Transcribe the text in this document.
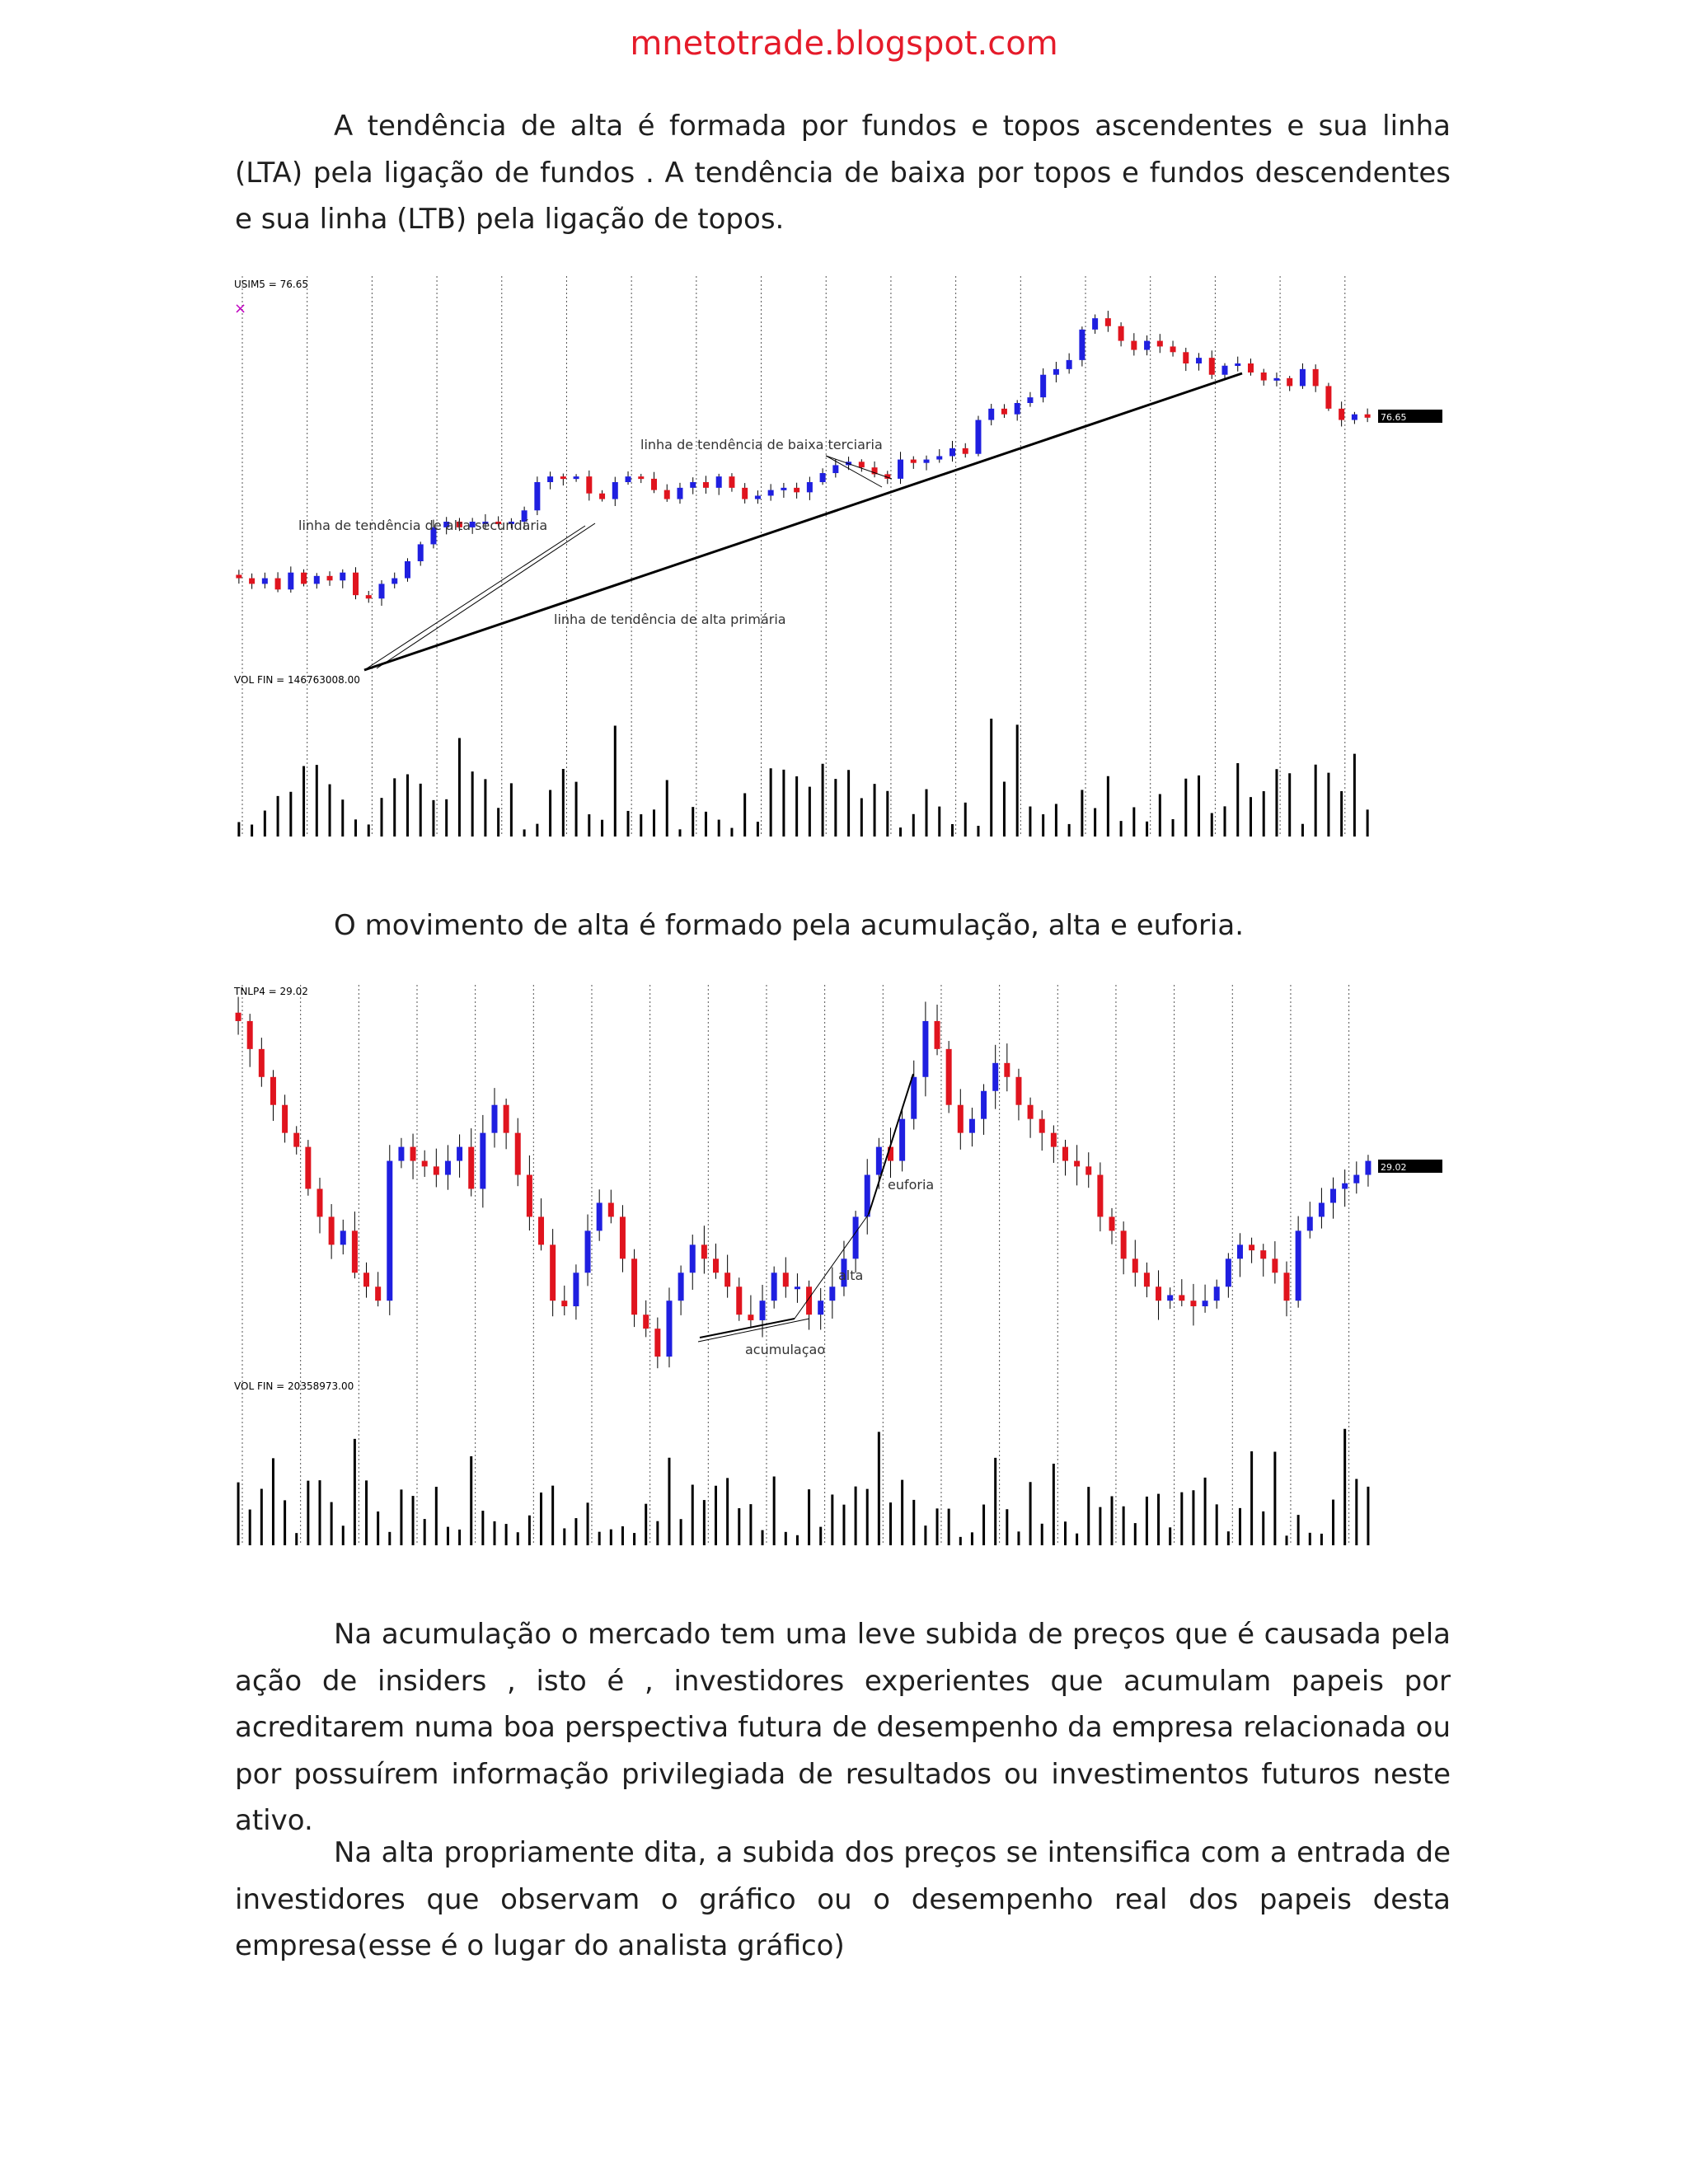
mnetotrade.blogspot.com

A tendência de alta é formada por fundos e topos ascendentes e sua linha (LTA) pela ligação de fundos . A tendência de baixa por topos e fundos descendentes e sua linha (LTB) pela ligação de topos.

USIM5 = 76.65
×
linha de tendência de alta secundária
linha de tendência de alta primária
linha de tendência de baixa terciaria
VOL FIN = 146763008.00
76.65

O movimento de alta é formado pela acumulação, alta e euforia.

TNLP4 = 29.02
acumulaçao
alta
euforia
VOL FIN = 20358973.00
29.02

Na acumulação o mercado tem uma leve subida de preços que é causada pela ação de insiders , isto é , investidores experientes que acumulam papeis por acreditarem numa boa perspectiva futura de desempenho da empresa relacionada ou por possuírem informação privilegiada de resultados ou investimentos futuros neste ativo.

Na alta propriamente dita, a subida dos preços se intensifica com a entrada de investidores que observam o gráfico ou o desempenho real dos papeis desta empresa(esse é o lugar do analista gráfico)
